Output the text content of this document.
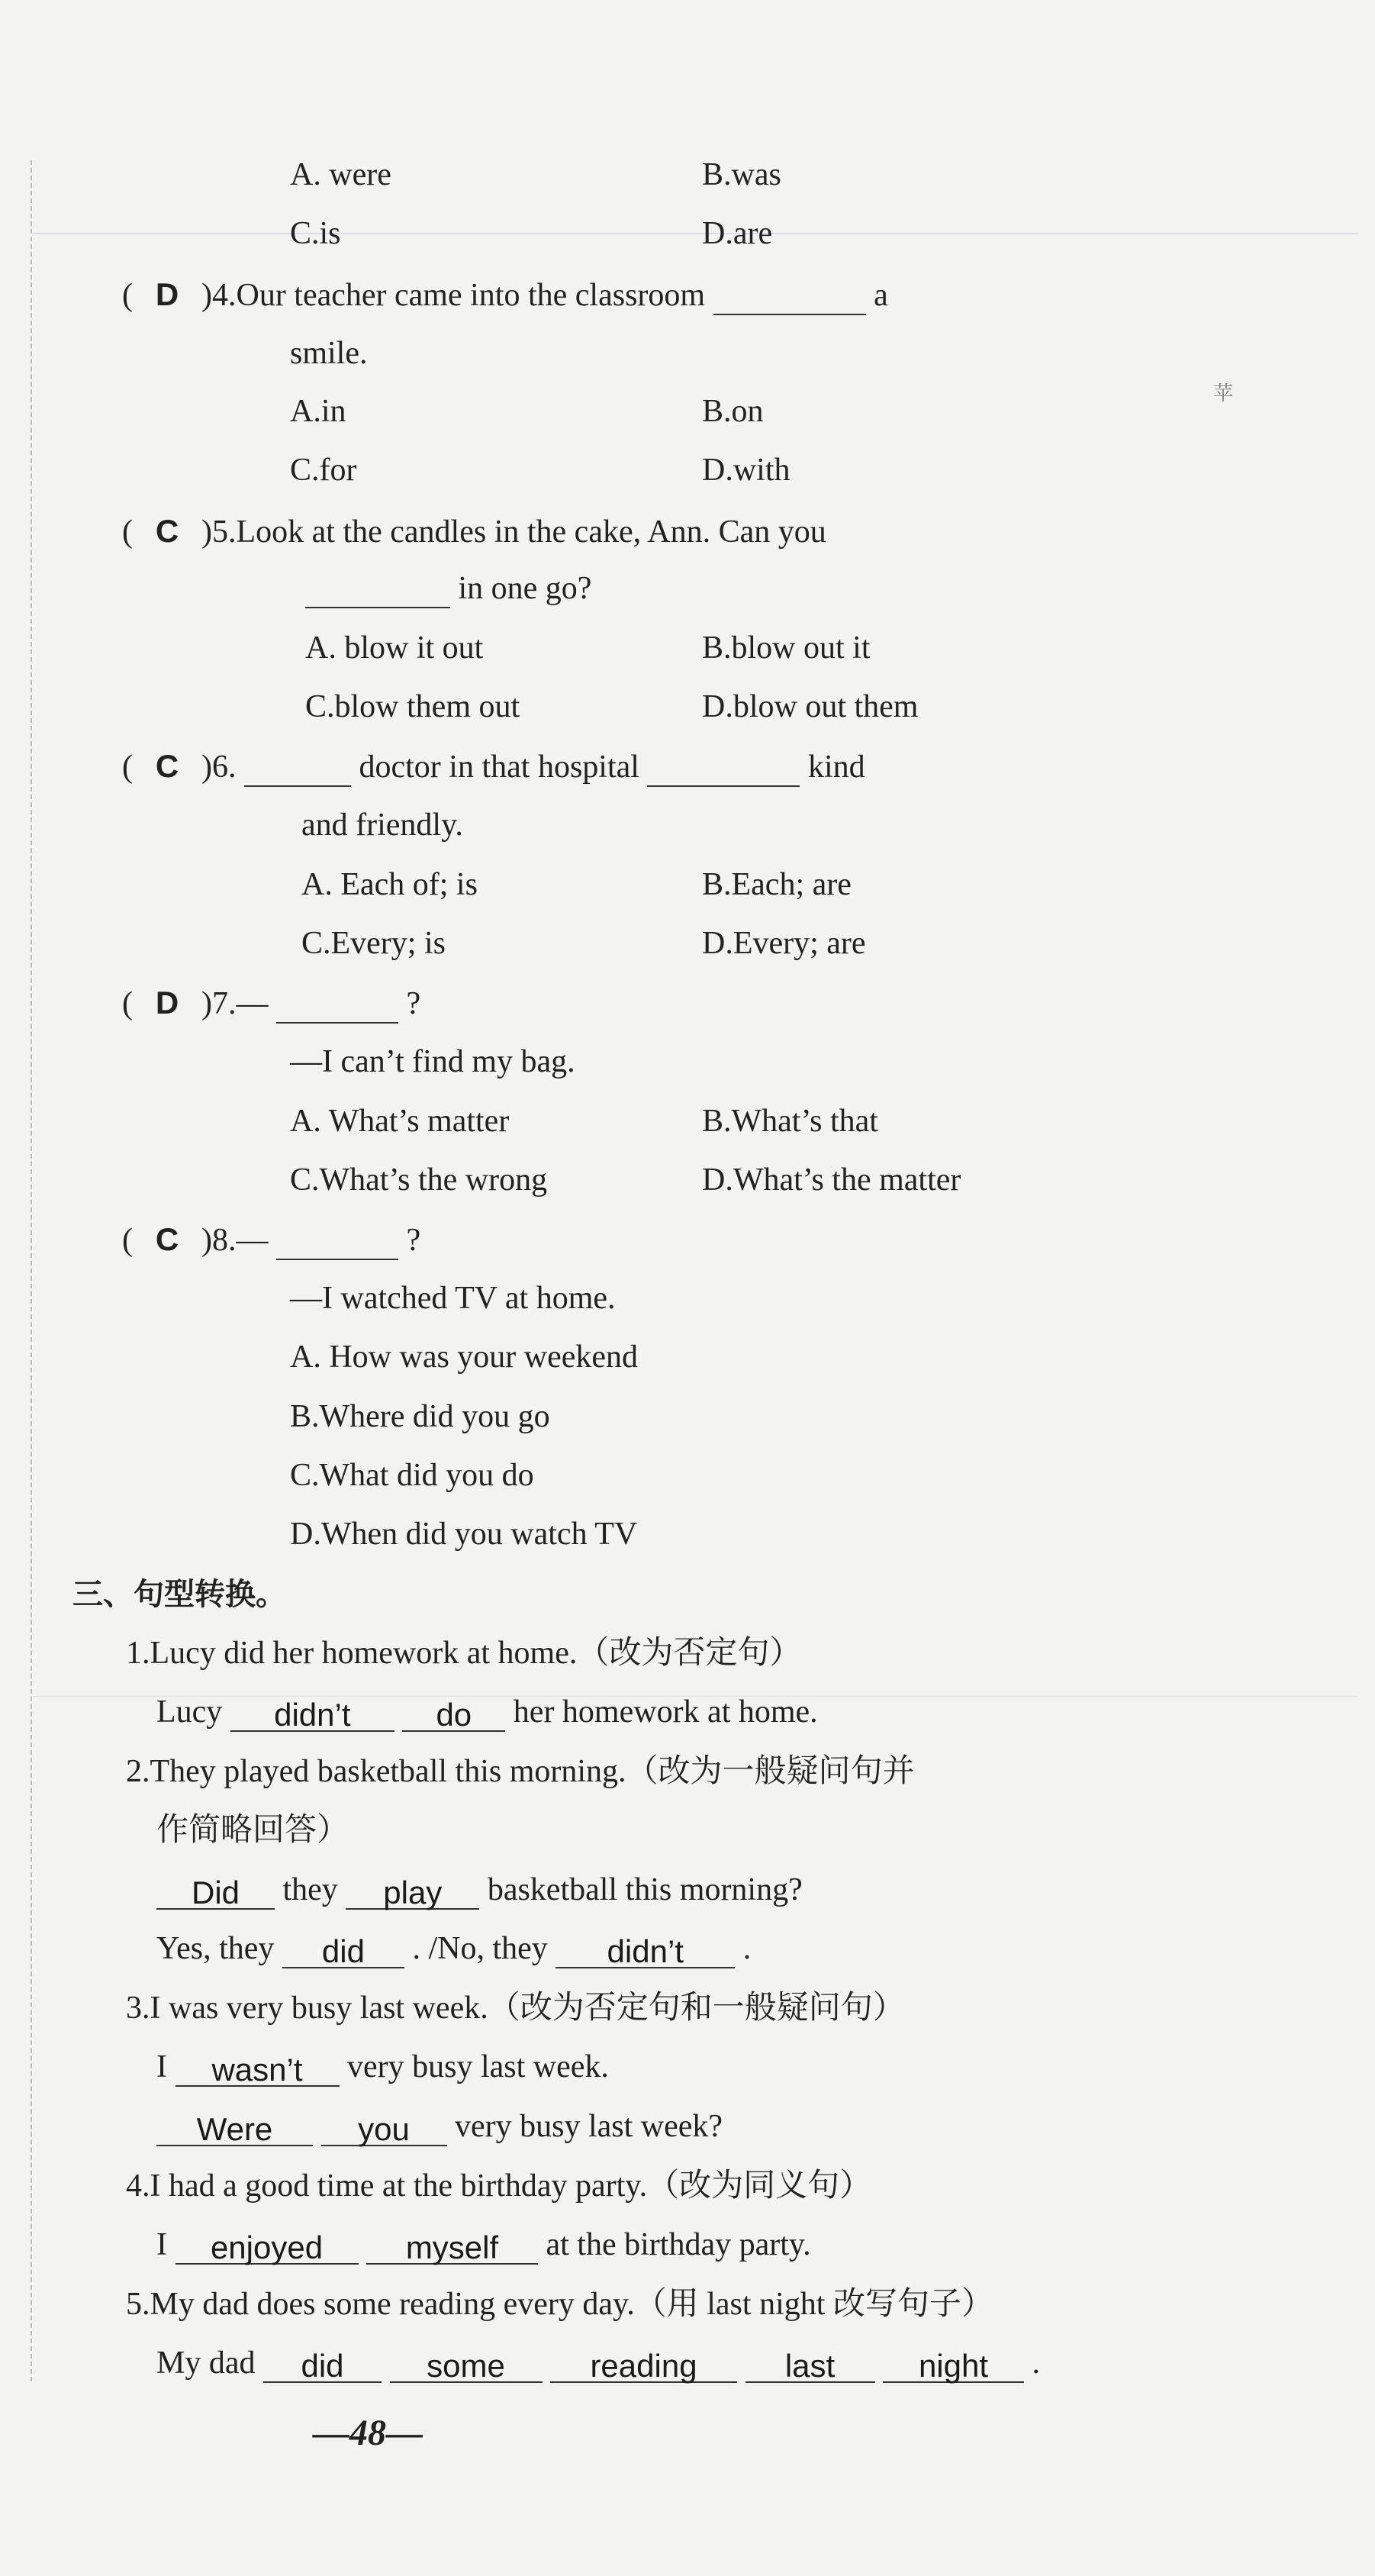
苹
A. were	B.was
C.is	D.are
( D )4.Our teacher came into the classroom	a
smile.
A.in	B.on
C.for	D.with
( C )5.Look at the candles in the cake, Ann. Can you
in one go?
A. blow it out	B.blow out it
C.blow them out	D.blow out them
( C )6.	doctor in that hospital	kind
and friendly.
A. Each of; is	B.Each; are
C.Every; is	D.Every; are
( D )7.—	?
—I can’t find my bag.
A. What’s matter	B.What’s that
C.What’s the wrong	D.What’s the matter
( C )8.—	?
—I watched TV at home.
A. How was your weekend
B.Where did you go
C.What did you do
D.When did you watch TV
三、句型转换。
1.Lucy did her homework at home.（改为否定句）
Lucy didn’t	do her homework at home.
2.They played basketball this morning.（改为一般疑问句并
作简略回答）
Did they play basketball this morning?
Yes, they did . /No, they didn’t .
3.I was very busy last week.（改为否定句和一般疑问句）
I wasn’t very busy last week.
Were	you very busy last week?
4.I had a good time at the birthday party.（改为同义句）
I enjoyed	myself at the birthday party.
5.My dad does some reading every day.（用 last night 改写句子）
My dad did	some	reading	last	night .
—48—
